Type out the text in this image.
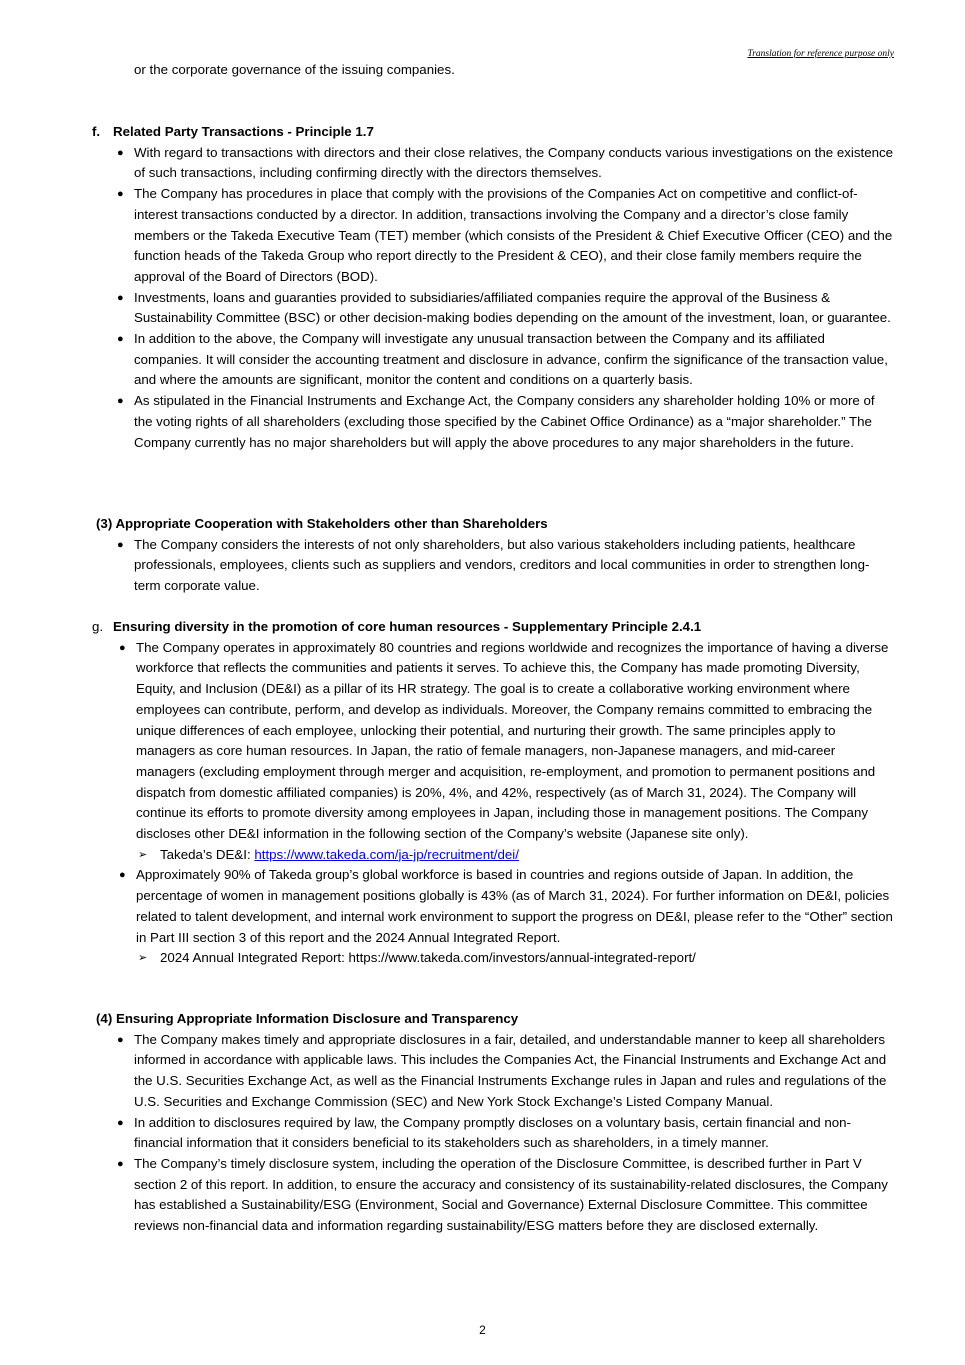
Translation for reference purpose only
or the corporate governance of the issuing companies.
f. Related Party Transactions - Principle 1.7
● With regard to transactions with directors and their close relatives, the Company conducts various investigations on the existence of such transactions, including confirming directly with the directors themselves.
● The Company has procedures in place that comply with the provisions of the Companies Act on competitive and conflict-of-interest transactions conducted by a director. In addition, transactions involving the Company and a director’s close family members or the Takeda Executive Team (TET) member (which consists of the President & Chief Executive Officer (CEO) and the function heads of the Takeda Group who report directly to the President & CEO), and their close family members require the approval of the Board of Directors (BOD).
● Investments, loans and guaranties provided to subsidiaries/affiliated companies require the approval of the Business & Sustainability Committee (BSC) or other decision-making bodies depending on the amount of the investment, loan, or guarantee.
● In addition to the above, the Company will investigate any unusual transaction between the Company and its affiliated companies. It will consider the accounting treatment and disclosure in advance, confirm the significance of the transaction value, and where the amounts are significant, monitor the content and conditions on a quarterly basis.
● As stipulated in the Financial Instruments and Exchange Act, the Company considers any shareholder holding 10% or more of the voting rights of all shareholders (excluding those specified by the Cabinet Office Ordinance) as a “major shareholder.” The Company currently has no major shareholders but will apply the above procedures to any major shareholders in the future.
(3) Appropriate Cooperation with Stakeholders other than Shareholders
● The Company considers the interests of not only shareholders, but also various stakeholders including patients, healthcare professionals, employees, clients such as suppliers and vendors, creditors and local communities in order to strengthen long-term corporate value.
g. Ensuring diversity in the promotion of core human resources - Supplementary Principle 2.4.1
● The Company operates in approximately 80 countries and regions worldwide and recognizes the importance of having a diverse workforce that reflects the communities and patients it serves. To achieve this, the Company has made promoting Diversity, Equity, and Inclusion (DE&I) as a pillar of its HR strategy. The goal is to create a collaborative working environment where employees can contribute, perform, and develop as individuals. Moreover, the Company remains committed to embracing the unique differences of each employee, unlocking their potential, and nurturing their growth. The same principles apply to managers as core human resources. In Japan, the ratio of female managers, non-Japanese managers, and mid-career managers (excluding employment through merger and acquisition, re-employment, and promotion to permanent positions and dispatch from domestic affiliated companies) is 20%, 4%, and 42%, respectively (as of March 31, 2024). The Company will continue its efforts to promote diversity among employees in Japan, including those in management positions. The Company discloses other DE&I information in the following section of the Company’s website (Japanese site only).
➢ Takeda’s DE&I: https://www.takeda.com/ja-jp/recruitment/dei/
● Approximately 90% of Takeda group’s global workforce is based in countries and regions outside of Japan. In addition, the percentage of women in management positions globally is 43% (as of March 31, 2024). For further information on DE&I, policies related to talent development, and internal work environment to support the progress on DE&I, please refer to the “Other” section in Part III section 3 of this report and the 2024 Annual Integrated Report.
➢ 2024 Annual Integrated Report: https://www.takeda.com/investors/annual-integrated-report/
(4) Ensuring Appropriate Information Disclosure and Transparency
● The Company makes timely and appropriate disclosures in a fair, detailed, and understandable manner to keep all shareholders informed in accordance with applicable laws. This includes the Companies Act, the Financial Instruments and Exchange Act and the U.S. Securities Exchange Act, as well as the Financial Instruments Exchange rules in Japan and rules and regulations of the U.S. Securities and Exchange Commission (SEC) and New York Stock Exchange’s Listed Company Manual.
● In addition to disclosures required by law, the Company promptly discloses on a voluntary basis, certain financial and non-financial information that it considers beneficial to its stakeholders such as shareholders, in a timely manner.
● The Company’s timely disclosure system, including the operation of the Disclosure Committee, is described further in Part V section 2 of this report. In addition, to ensure the accuracy and consistency of its sustainability-related disclosures, the Company has established a Sustainability/ESG (Environment, Social and Governance) External Disclosure Committee. This committee reviews non-financial data and information regarding sustainability/ESG matters before they are disclosed externally.
2
